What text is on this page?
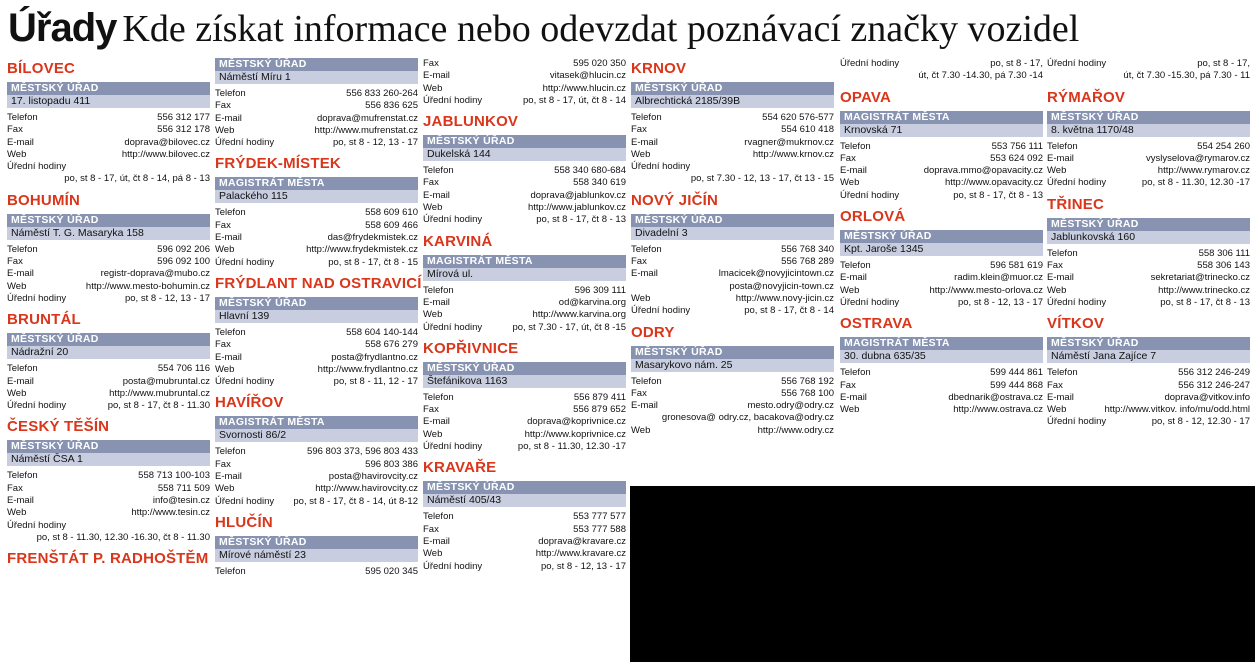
Úřady Kde získat informace nebo odevzdat poznávací značky vozidel
BÍLOVEC
MĚSTSKÝ ÚŘAD
17. listopadu 411
Telefon	556 312 177
Fax	556 312 178
E-mail	doprava@bilovec.cz
Web	http://www.bilovec.cz
Úřední hodiny
po, st 8 - 17, út, čt 8 - 14, pá 8 - 13
BOHUMÍN
MĚSTSKÝ ÚŘAD
Náměstí T. G. Masaryka 158
Telefon	596 092 206
Fax	596 092 100
E-mail	registr-doprava@mubo.cz
Web	http://www.mesto-bohumin.cz
Úřední hodiny	po, st 8 - 12, 13 - 17
BRUNTÁL
MĚSTSKÝ ÚŘAD
Nádražní 20
Telefon	554 706 116
E-mail	posta@mubruntal.cz
Web	http://www.mubruntal.cz
Úřední hodiny	po, st 8 - 17, čt 8 - 11.30
ČESKÝ TĚŠÍN
MĚSTSKÝ ÚŘAD
Náměstí ČSA 1
Telefon	558 713 100-103
Fax	558 711 509
E-mail	info@tesin.cz
Web	http://www.tesin.cz
Úřední hodiny
po, st 8 - 11.30, 12.30 -16.30, čt 8 - 11.30
FRENŠTÁT P. RADHOŠTĚM
MĚSTSKÝ ÚŘAD
Náměstí Míru 1
Telefon	556 833 260-264
Fax	556 836 625
E-mail	doprava@mufrenstat.cz
Web	http://www.mufrenstat.cz
Úřední hodiny	po, st 8 - 12, 13 - 17
FRÝDEK-MÍSTEK
MAGISTRÁT MĚSTA
Palackého 115
Telefon	558 609 610
Fax	558 609 466
E-mail	das@frydekmistek.cz
Web	http://www.frydekmistek.cz
Úřední hodiny	po, st 8 - 17, čt 8 - 15
FRÝDLANT NAD OSTRAVICÍ
MĚSTSKÝ ÚŘAD
Hlavní 139
Telefon	558 604 140-144
Fax	558 676 279
E-mail	posta@frydlantno.cz
Web	http://www.frydlantno.cz
Úřední hodiny	po, st 8 - 11, 12 - 17
HAVÍŘOV
MAGISTRÁT MĚSTA
Svornosti 86/2
Telefon	596 803 373, 596 803 433
Fax	596 803 386
E-mail	posta@havirovcity.cz
Web	http://www.havirovcity.cz
Úřední hodiny po, st 8 - 17, čt 8 - 14, út 8-12
HLUČÍN
MĚSTSKÝ ÚŘAD
Mírové náměstí 23
Telefon	595 020 345
Fax	595 020 350
E-mail	vitasek@hlucin.cz
Web	http://www.hlucin.cz
Úřední hodiny	po, st 8 - 17, út, čt 8 - 14
JABLUNKOV
MĚSTSKÝ ÚŘAD
Dukelská 144
Telefon	558 340 680-684
Fax	558 340 619
E-mail	doprava@jablunkov.cz
Web	http://www.jablunkov.cz
Úřední hodiny	po, st 8 - 17, čt 8 - 13
KARVINÁ
MAGISTRÁT MĚSTA
Mírová ul.
Telefon	596 309 111
E-mail	od@karvina.org
Web	http://www.karvina.org
Úřední hodiny	po, st 7.30 - 17, út, čt 8 -15
KOPŘIVNICE
MĚSTSKÝ ÚŘAD
Štefánikova 1163
Telefon	556 879 411
Fax	556 879 652
E-mail	doprava@koprivnice.cz
Web	http://www.koprivnice.cz
Úřední hodiny	po, st 8 - 11.30, 12.30 -17
KRAVAŘE
MĚSTSKÝ ÚŘAD
Náměstí 405/43
Telefon	553 777 577
Fax	553 777 588
E-mail	doprava@kravare.cz
Web	http://www.kravare.cz
Úřední hodiny	po, st 8 - 12, 13 - 17
KRNOV
MĚSTSKÝ ÚŘAD
Albrechtická 2185/39B
Telefon	554 620 576-577
Fax	554 610 418
E-mail	rvagner@mukrnov.cz
Web	http://www.krnov.cz
Úřední hodiny
po, st 7.30 - 12, 13 - 17, čt 13 - 15
NOVÝ JIČÍN
MĚSTSKÝ ÚŘAD
Divadelní 3
Telefon	556 768 340
Fax	556 768 289
E-mail	lmacicek@novyjicintown.cz
posta@novyjicin-town.cz
Web	http://www.novy-jicin.cz
Úřední hodiny	po, st 8 - 17, čt 8 - 14
ODRY
MĚSTSKÝ ÚŘAD
Masarykovo nám. 25
Telefon	556 768 192
Fax	556 768 100
E-mail	mesto.odry@odry.cz
gronesova@ odry.cz, bacakova@odry.cz
Web	http://www.odry.cz
Úřední hodiny	po, st 8 - 17,
út, čt 7.30 -14.30, pá 7.30 -14
OPAVA
MAGISTRÁT MĚSTA
Krnovská 71
Telefon	553 756 111
Fax	553 624 092
E-mail	doprava.mmo@opavacity.cz
Web	http://www.opavacity.cz
Úřední hodiny	po, st 8 - 17, čt 8 - 13
ORLOVÁ
MĚSTSKÝ ÚŘAD
Kpt. Jaroše 1345
Telefon	596 581 619
E-mail	radim.klein@muor.cz
Web	http://www.mesto-orlova.cz
Úřední hodiny	po, st 8 - 12, 13 - 17
OSTRAVA
MAGISTRÁT MĚSTA
30. dubna 635/35
Telefon	599 444 861
Fax	599 444 868
E-mail	dbednarik@ostrava.cz
Web	http://www.ostrava.cz
Úřední hodiny	po, st 8 - 17,
út, čt 7.30 -15.30, pá 7.30 - 11
RÝMAŘOV
MĚSTSKÝ ÚŘAD
8. května 1170/48
Telefon	554 254 260
E-mail	vyslyselova@rymarov.cz
Web	http://www.rymarov.cz
Úřední hodiny	po, st 8 - 11.30, 12.30 -17
TŘINEC
MĚSTSKÝ ÚŘAD
Jablunkovská 160
Telefon	558 306 111
Fax	558 306 143
E-mail	sekretariat@trinecko.cz
Web	http://www.trinecko.cz
Úřední hodiny	po, st 8 - 17, čt 8 - 13
VÍTKOV
MĚSTSKÝ ÚŘAD
Náměstí Jana Zajíce 7
Telefon	556 312 246-249
Fax	556 312 246-247
E-mail	doprava@vitkov.info
Web	http://www.vitkov. info/mu/odd.html
Úřední hodiny	po, st 8 - 12, 12.30 - 17
